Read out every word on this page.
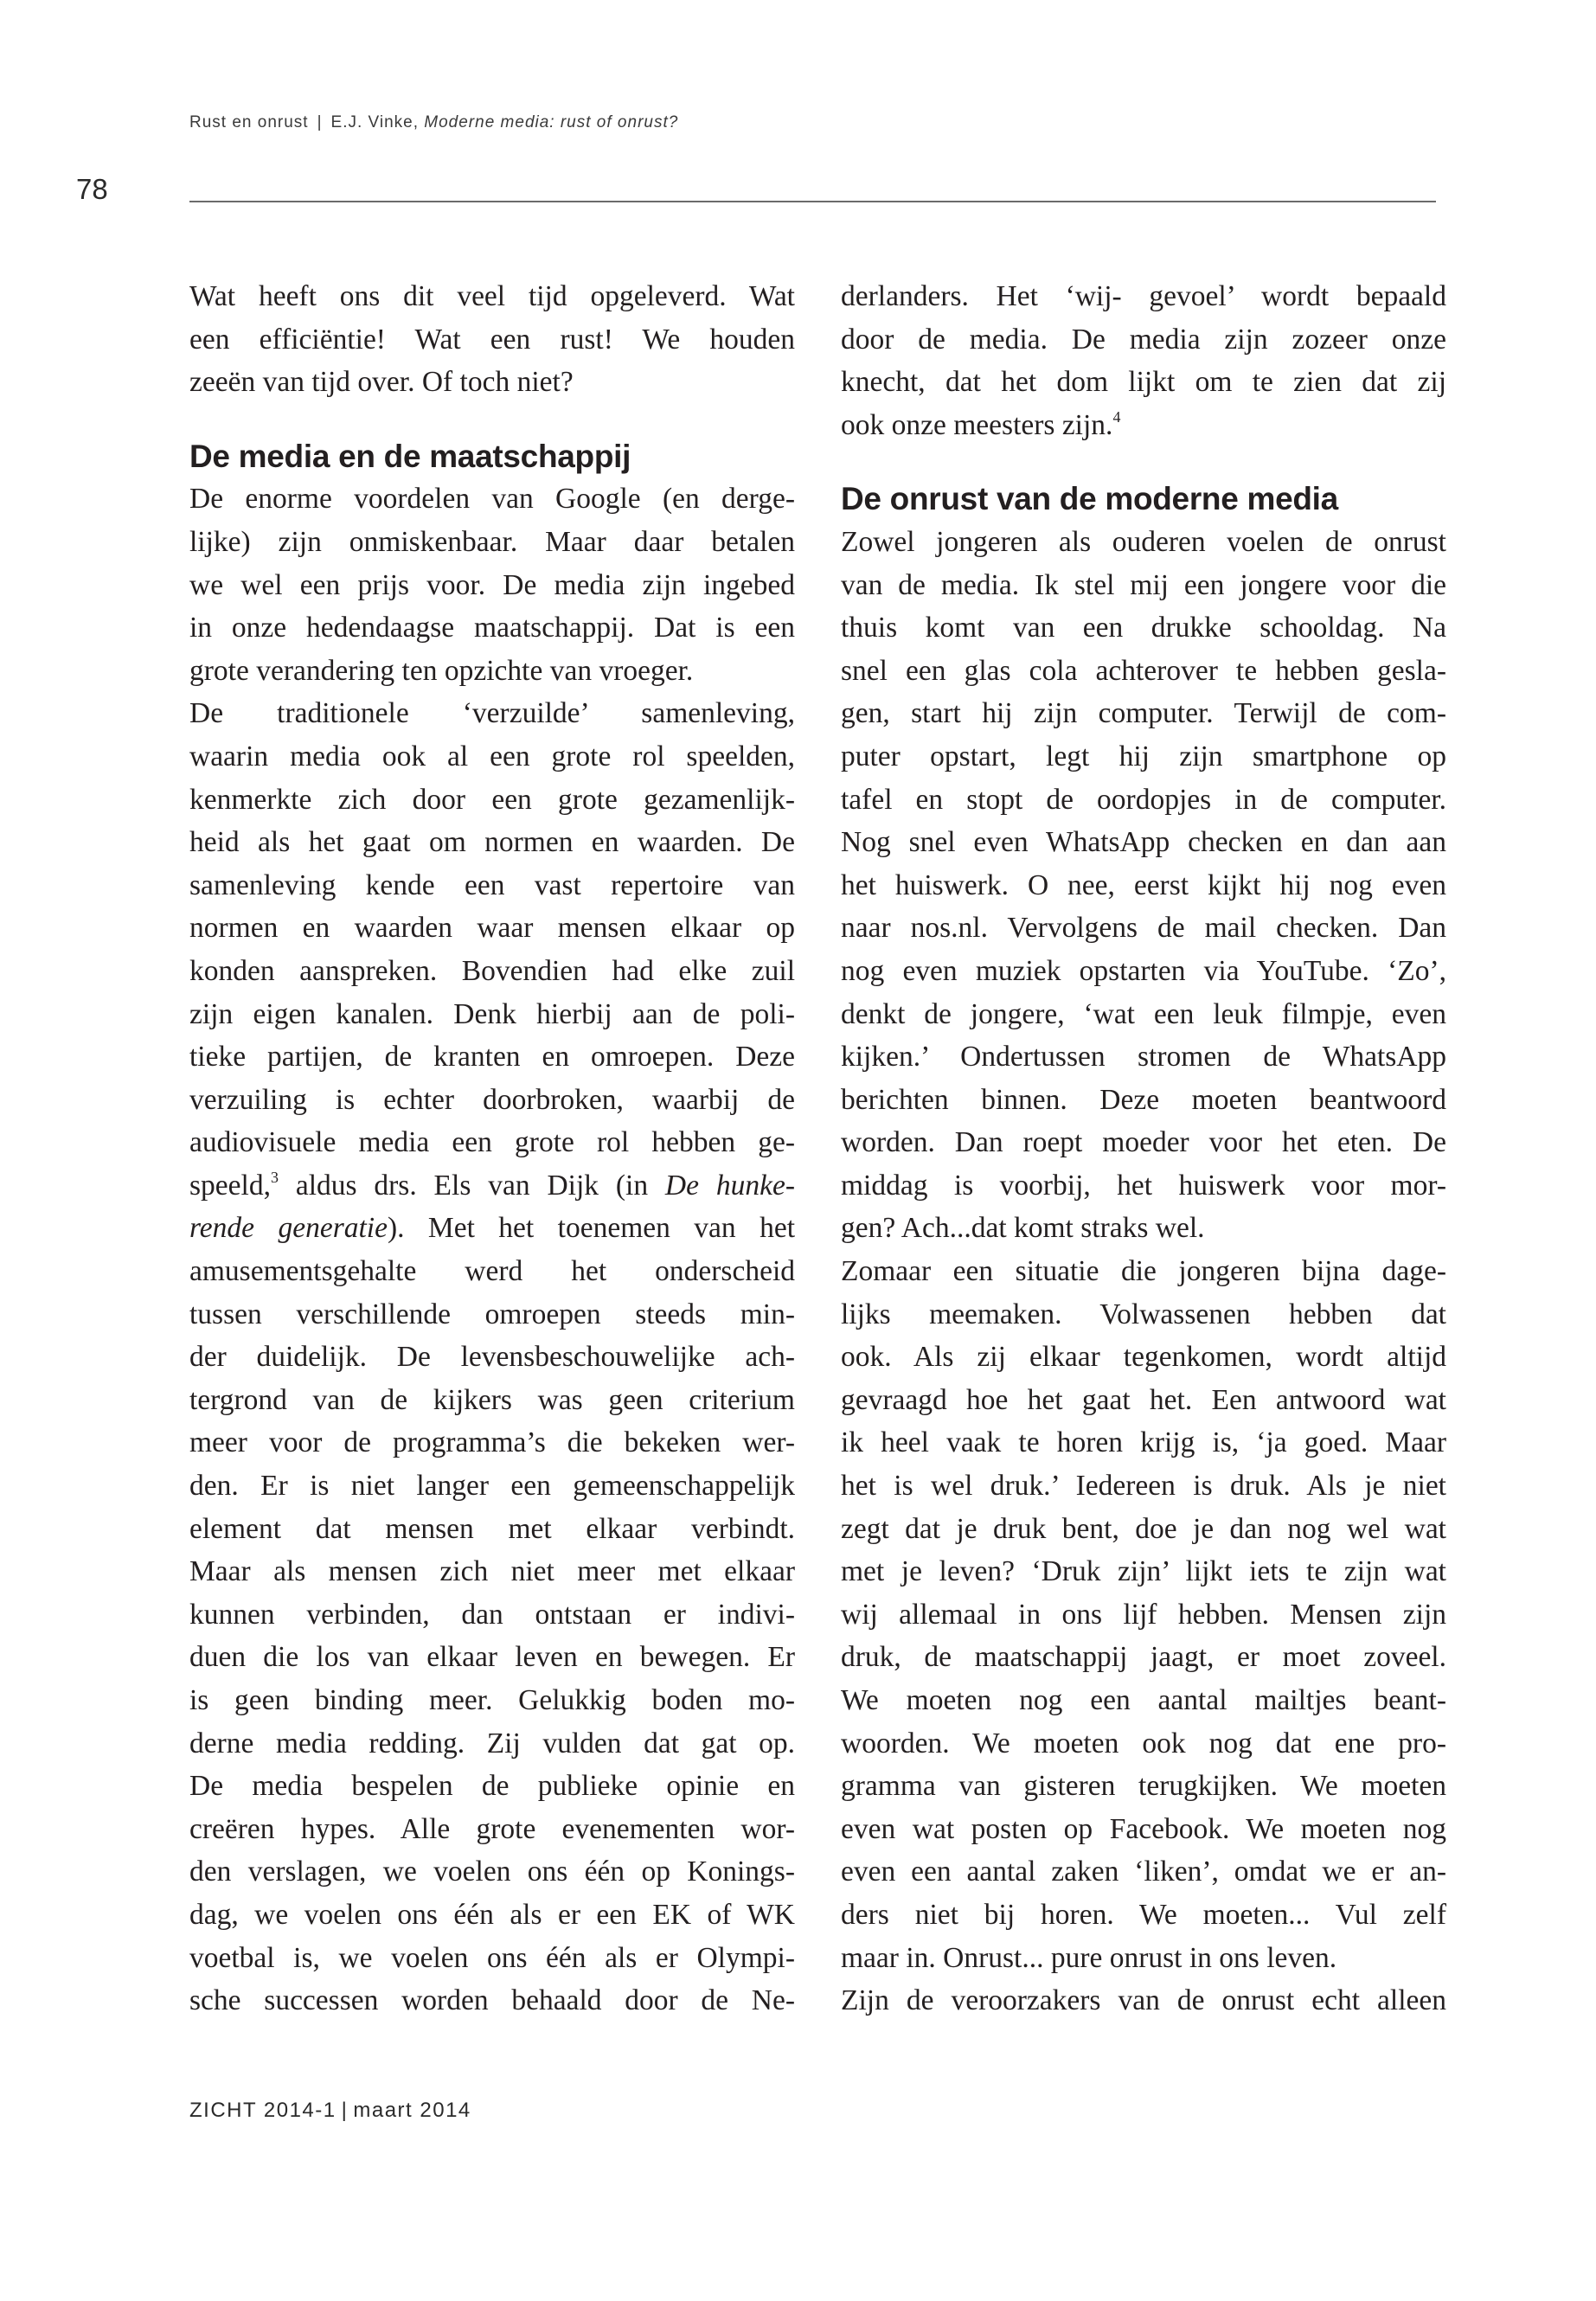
Rust en onrust | E.J. Vinke, Moderne media: rust of onrust?
78

Wat heeft ons dit veel tijd opgeleverd. Wat
een efficiëntie! Wat een rust! We houden
zeeën van tijd over. Of toch niet?

De media en de maatschappij

De enorme voordelen van Google (en derge-
lijke) zijn onmiskenbaar. Maar daar betalen
we wel een prijs voor. De media zijn ingebed
in onze hedendaagse maatschappij. Dat is een
grote verandering ten opzichte van vroeger.
De traditionele ‘verzuilde’ samenleving,
waarin media ook al een grote rol speelden,
kenmerkte zich door een grote gezamenlijk-
heid als het gaat om normen en waarden. De
samenleving kende een vast repertoire van
normen en waarden waar mensen elkaar op
konden aanspreken. Bovendien had elke zuil
zijn eigen kanalen. Denk hierbij aan de poli-
tieke partijen, de kranten en omroepen. Deze
verzuiling is echter doorbroken, waarbij de
audiovisuele media een grote rol hebben ge-
speeld,$^3$ aldus drs. Els van Dijk (in De hunke-
rende generatie). Met het toenemen van het
amusementsgehalte werd het onderscheid
tussen verschillende omroepen steeds min-
der duidelijk. De levensbeschouwelijke ach-
tergrond van de kijkers was geen criterium
meer voor de programma’s die bekeken wer-
den. Er is niet langer een gemeenschappelijk
element dat mensen met elkaar verbindt.
Maar als mensen zich niet meer met elkaar
kunnen verbinden, dan ontstaan er indivi-
duen die los van elkaar leven en bewegen. Er
is geen binding meer. Gelukkig boden mo-
derne media redding. Zij vulden dat gat op.
De media bespelen de publieke opinie en
creëren hypes. Alle grote evenementen wor-
den verslagen, we voelen ons één op Konings-
dag, we voelen ons één als er een EK of WK
voetbal is, we voelen ons één als er Olympi-
sche successen worden behaald door de Ne-

derlanders. Het ‘wij- gevoel’ wordt bepaald
door de media. De media zijn zozeer onze
knecht, dat het dom lijkt om te zien dat zij
ook onze meesters zijn.$^4$

De onrust van de moderne media

Zowel jongeren als ouderen voelen de onrust
van de media. Ik stel mij een jongere voor die
thuis komt van een drukke schooldag. Na
snel een glas cola achterover te hebben gesla-
gen, start hij zijn computer. Terwijl de com-
puter opstart, legt hij zijn smartphone op
tafel en stopt de oordopjes in de computer.
Nog snel even WhatsApp checken en dan aan
het huiswerk. O nee, eerst kijkt hij nog even
naar nos.nl. Vervolgens de mail checken. Dan
nog even muziek opstarten via YouTube. ‘Zo’,
denkt de jongere, ‘wat een leuk filmpje, even
kijken.’ Ondertussen stromen de WhatsApp
berichten binnen. Deze moeten beantwoord
worden. Dan roept moeder voor het eten. De
middag is voorbij, het huiswerk voor mor-
gen? Ach...dat komt straks wel.

Zomaar een situatie die jongeren bijna dage-
lijks meemaken. Volwassenen hebben dat
ook. Als zij elkaar tegenkomen, wordt altijd
gevraagd hoe het gaat het. Een antwoord wat
ik heel vaak te horen krijg is, ‘ja goed. Maar
het is wel druk.’ Iedereen is druk. Als je niet
zegt dat je druk bent, doe je dan nog wel wat
met je leven? ‘Druk zijn’ lijkt iets te zijn wat
wij allemaal in ons lijf hebben. Mensen zijn
druk, de maatschappij jaagt, er moet zoveel.
We moeten nog een aantal mailtjes beant-
woorden. We moeten ook nog dat ene pro-
gramma van gisteren terugkijken. We moeten
even wat posten op Facebook. We moeten nog
even een aantal zaken ‘liken’, omdat we er an-
ders niet bij horen. We moeten... Vul zelf
maar in. Onrust... pure onrust in ons leven.
Zijn de veroorzakers van de onrust echt alleen

ZICHT 2014-1 | maart 2014
